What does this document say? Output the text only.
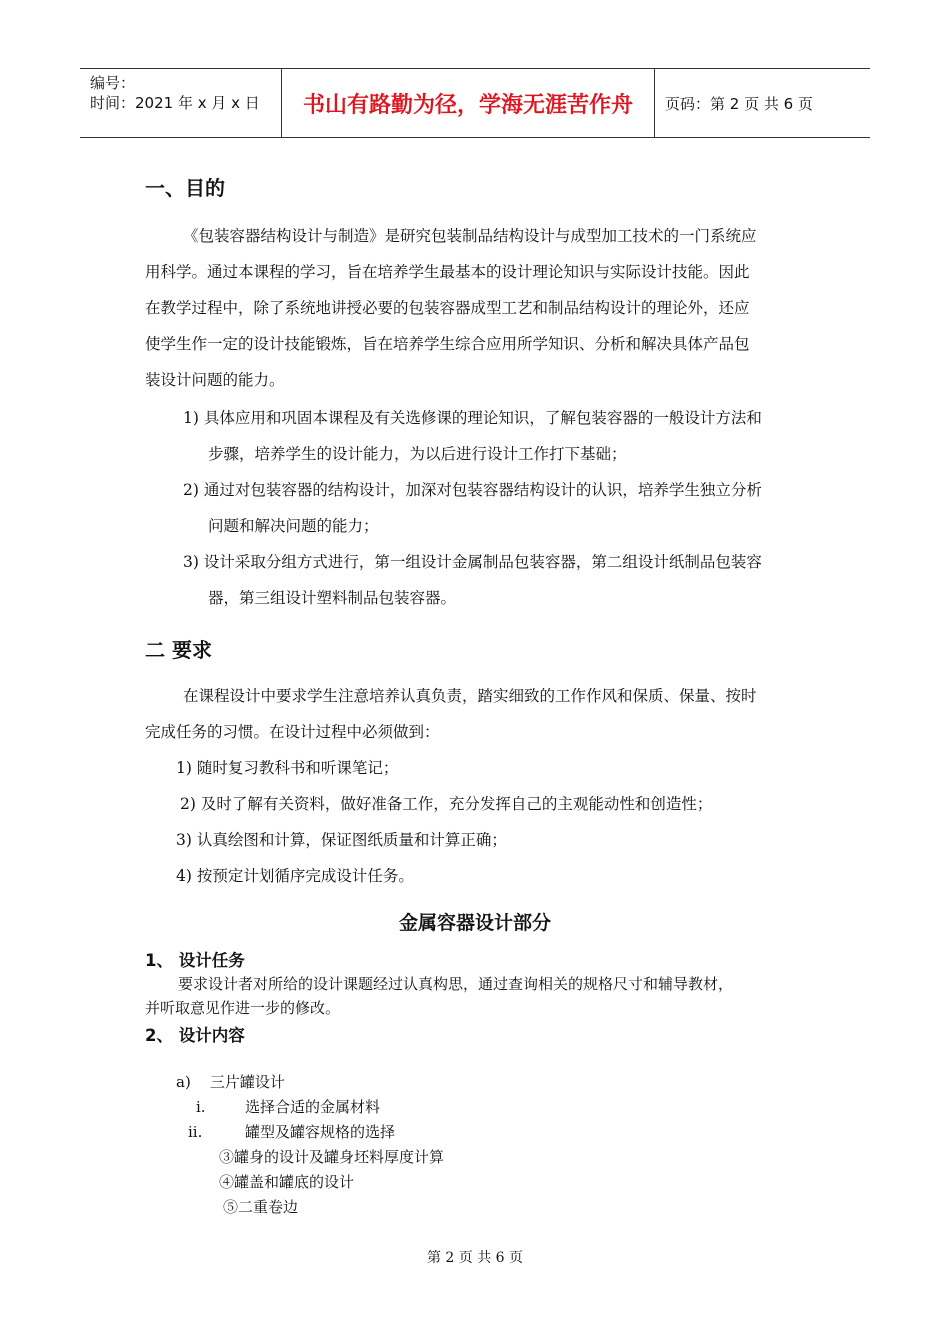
编号：
时间：2021 年 x 月 x 日	书山有路勤为径，学海无涯苦作舟	页码：第 2 页 共 6 页
一、目的
《包装容器结构设计与制造》是研究包装制品结构设计与成型加工技术的一门系统应
用科学。通过本课程的学习，旨在培养学生最基本的设计理论知识与实际设计技能。因此
在教学过程中，除了系统地讲授必要的包装容器成型工艺和制品结构设计的理论外，还应
使学生作一定的设计技能锻炼，旨在培养学生综合应用所学知识、分析和解决具体产品包
装设计问题的能力。
1) 具体应用和巩固本课程及有关选修课的理论知识，了解包装容器的一般设计方法和
步骤，培养学生的设计能力，为以后进行设计工作打下基础；
2) 通过对包装容器的结构设计，加深对包装容器结构设计的认识，培养学生独立分析
问题和解决问题的能力；
3) 设计采取分组方式进行，第一组设计金属制品包装容器，第二组设计纸制品包装容
器，第三组设计塑料制品包装容器。
二 要求
在课程设计中要求学生注意培养认真负责，踏实细致的工作作风和保质、保量、按时
完成任务的习惯。在设计过程中必须做到：
1) 随时复习教科书和听课笔记；
2) 及时了解有关资料，做好准备工作，充分发挥自己的主观能动性和创造性；
3) 认真绘图和计算，保证图纸质量和计算正确；
4) 按预定计划循序完成设计任务。
金属容器设计部分
1、 设计任务
要求设计者对所给的设计课题经过认真构思，通过查询相关的规格尺寸和辅导教材，
并听取意见作进一步的修改。
2、 设计内容
a)    三片罐设计
i.	选择合适的金属材料
ii.	罐型及罐容规格的选择
③罐身的设计及罐身坯料厚度计算
④罐盖和罐底的设计
⑤二重卷边
第 2 页 共 6 页
